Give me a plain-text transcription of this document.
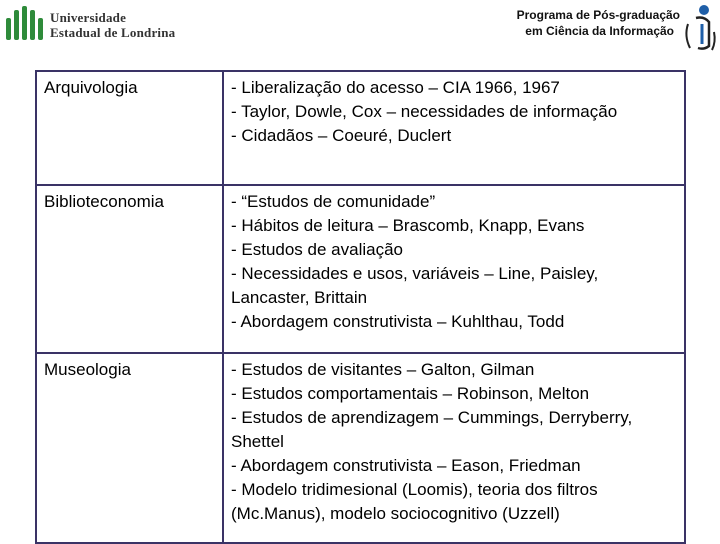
Universidade
Estadual de Londrina
Programa de Pós-graduação
em Ciência da Informação
Arquivologia	- Liberalização do acesso – CIA 1966, 1967
- Taylor, Dowle, Cox – necessidades de informação
- Cidadãos – Coeuré, Duclert

Biblioteconomia	- “Estudos de comunidade”
- Hábitos de leitura – Brascomb, Knapp, Evans
- Estudos de avaliação
- Necessidades e usos, variáveis – Line, Paisley, Lancaster, Brittain
- Abordagem construtivista – Kuhlthau, Todd

Museologia	- Estudos de visitantes – Galton, Gilman
- Estudos comportamentais – Robinson, Melton
- Estudos de aprendizagem – Cummings, Derryberry, Shettel
- Abordagem construtivista – Eason, Friedman
- Modelo tridimesional (Loomis), teoria dos filtros (Mc.Manus), modelo sociocognitivo (Uzzell)
